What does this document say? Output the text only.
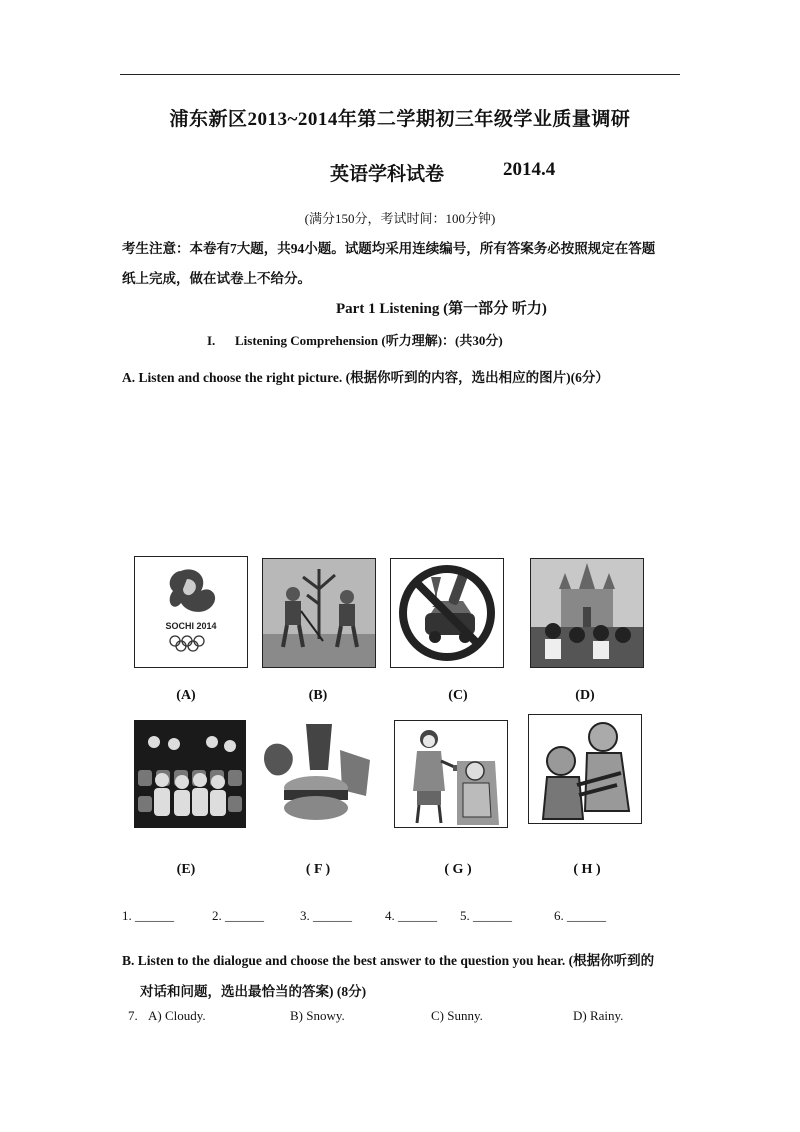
浦东新区2013~2014年第二学期初三年级学业质量调研
英语学科试卷	2014.4
(满分150分，考试时间：100分钟)
考生注意：本卷有7大题，共94小题。试题均采用连续编号，所有答案务必按照规定在答题
纸上完成，做在试卷上不给分。
Part 1 Listening (第一部分 听力)
I. Listening Comprehension (听力理解)：(共30分)
A. Listen and choose the right picture. (根据你听到的内容，选出相应的图片)(6分）
SOCHI 2014
(A)	(B)	(C)	(D)
(E)	( F )	( G )	( H )
1. ______	2. ______	3. ______	4. ______ 5. ______	6. ______
B. Listen to the dialogue and choose the best answer to the question you hear. (根据你听到的
对话和问题，选出最恰当的答案) (8分)
7. A) Cloudy.	B) Snowy.	C) Sunny.	D) Rainy.
